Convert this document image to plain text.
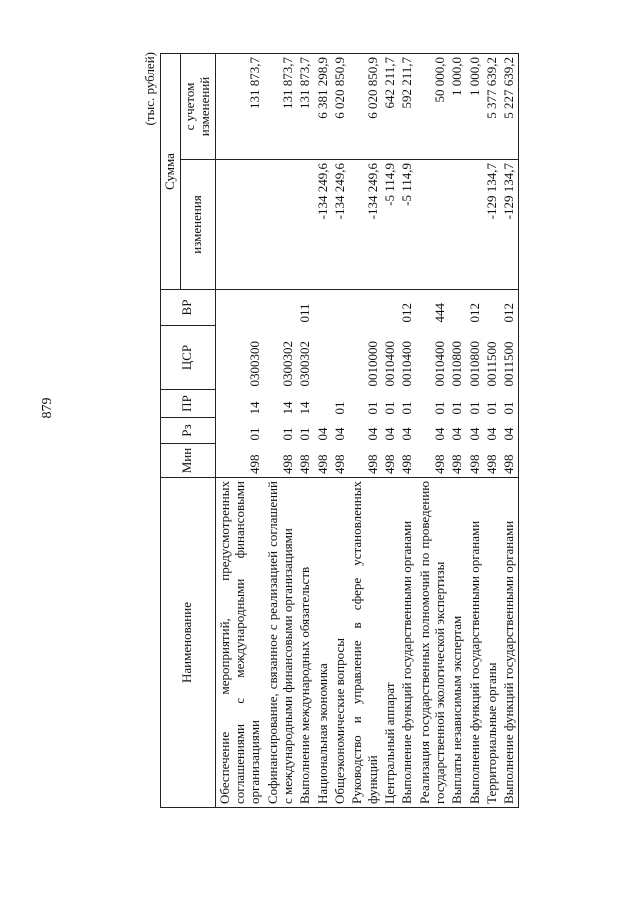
879
(тыс. рублей)
Наименование	Мин	Рз	ПР	ЦСР	ВР	Сумма	
						изменения	с учетом изменений
Обеспечение мероприятий, предусмотренных соглашениями с международными финансовыми организациями	498	01	14	0300300			131 873,7
Софинансирование, связанное с реализацией соглашений с международными финансовыми организациями	498	01	14	0300302			131 873,7
Выполнение международных обязательств	498	01	14	0300302	011		131 873,7
Национальная экономика	498	04				-134 249,6	6 381 298,9
Общеэкономические вопросы	498	04	01			-134 249,6	6 020 850,9
Руководство и управление в сфере установленных функций	498	04	01	0010000		-134 249,6	6 020 850,9
Центральный аппарат	498	04	01	0010400		-5 114,9	642 211,7
Выполнение функций государственными органами	498	04	01	0010400	012	-5 114,9	592 211,7
Реализация государственных полномочий по проведению государственной экологической экспертизы	498	04	01	0010400	444		50 000,0
Выплаты независимым экспертам	498	04	01	0010800			1 000,0
Выполнение функций государственными органами	498	04	01	0010800	012		1 000,0
Территориальные органы	498	04	01	0011500		-129 134,7	5 377 639,2
Выполнение функций государственными органами	498	04	01	0011500	012	-129 134,7	5 227 639,2
